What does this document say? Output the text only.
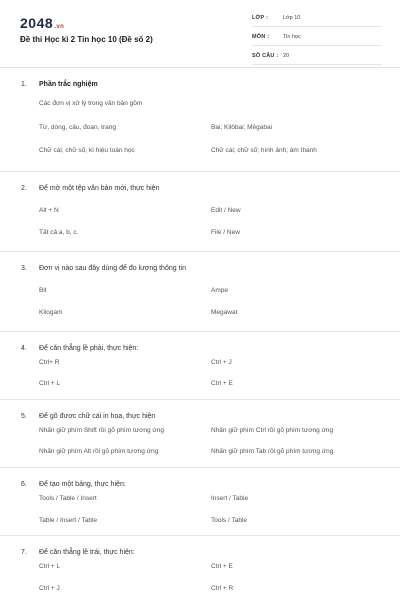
2048.vn
Đề thi Học kì 2 Tin học 10 (Đề số 2)
LỚP :	Lớp 10
MÔN :	Tin học
SỐ CÂU : 20
1. Phần trắc nghiệm
Các đơn vị xử lý trong văn bản gồm
Từ, dòng, câu, đoạn, trang	Bai; Kilôbai; Mêgabai
Chữ cái; chữ số, kí hiệu toán học	Chữ cái; chữ số; hình ảnh; âm thanh
2. Để mở một tệp văn bản mới, thực hiện
Alt + N	Edit / New
Tất cả a, b, c.	File / New
3. Đơn vị nào sau đây dùng để đo lượng thông tin
Bit	Ampe
Kilogam	Megawat
4. Để căn thẳng lề phải, thực hiện:
Ctrl+ R	Ctrl + J
Ctrl + L	Ctrl + E
5. Để gõ được chữ cái in hoa, thực hiện
Nhấn giữ phím Shift rồi gõ phím tương ứng	Nhấn giữ phím Ctrl rồi gõ phím tương ứng
Nhấn giữ phím Alt rồi gõ phím tương ứng	Nhấn giữ phím Tab rồi gõ phím tương ứng
6. Để tạo một bảng, thực hiện:
Tools / Table / Insert	Insert / Table
Table / Insert / Table	Tools / Table
7. Để căn thẳng lề trái, thực hiện:
Ctrl + L	Ctrl + E
Ctrl + J	Ctrl + R
